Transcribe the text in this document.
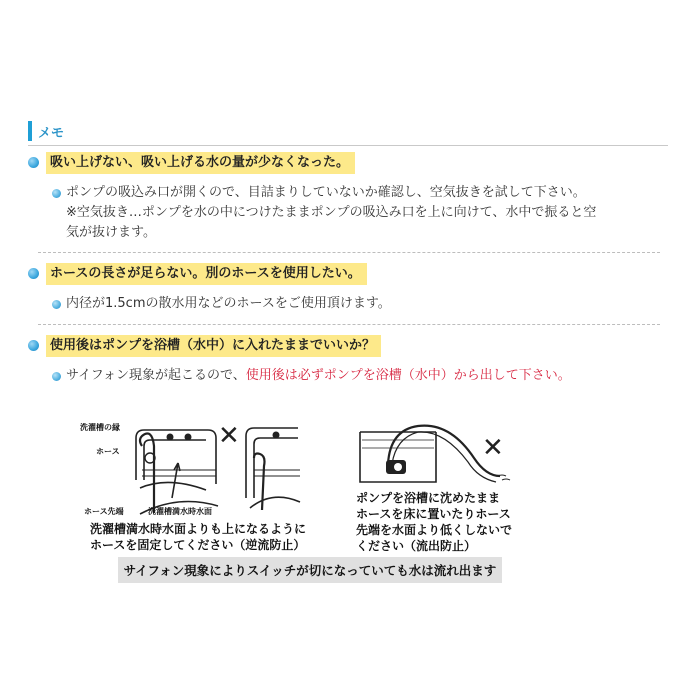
メモ
吸い上げない、吸い上げる水の量が少なくなった。
ポンプの吸込み口が開くので、目詰まりしていないか確認し、空気抜きを試して下さい。
※空気抜き…ポンプを水の中につけたままポンプの吸込み口を上に向けて、水中で振ると空
気が抜けます。
ホースの長さが足らない。別のホースを使用したい。
内径が1.5cmの散水用などのホースをご使用頂けます。
使用後はポンプを浴槽（水中）に入れたままでいいか？
サイフォン現象が起こるので、使用後は必ずポンプを浴槽（水中）から出して下さい。
✕	✕
洗濯槽の縁
ホース
ホース先端	洗濯槽満水時水面
洗濯槽満水時水面よりも上になるように
ホースを固定してください（逆流防止）
ポンプを浴槽に沈めたまま
ホースを床に置いたりホース
先端を水面より低くしないで
ください（流出防止）
サイフォン現象によりスイッチが切になっていても水は流れ出ます
